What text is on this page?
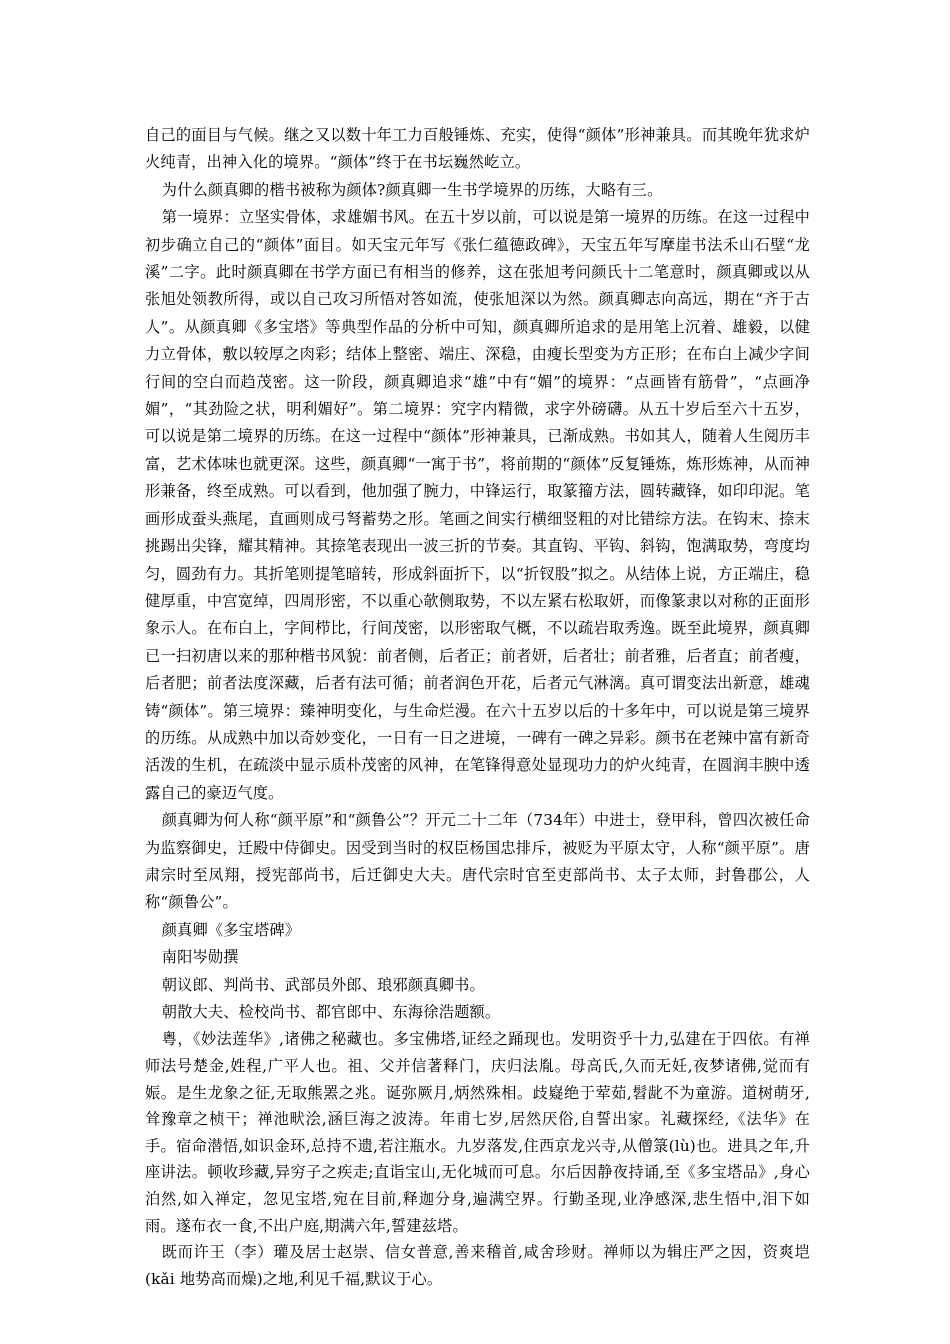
自己的面目与气候。继之又以数十年工力百般锤炼、充实，使得“颜体”形神兼具。而其晚年犹求炉火纯青，出神入化的境界。“颜体”终于在书坛巍然屹立。

为什么颜真卿的楷书被称为颜体?颜真卿一生书学境界的历练，大略有三。

第一境界：立坚实骨体，求雄媚书风。在五十岁以前，可以说是第一境界的历练。在这一过程中初步确立自己的“颜体”面目。如天宝元年写《张仁蕴德政碑》，天宝五年写摩崖书法禾山石壁“龙溪”二字。此时颜真卿在书学方面已有相当的修养，这在张旭考问颜氏十二笔意时，颜真卿或以从张旭处领教所得，或以自己攻习所悟对答如流，使张旭深以为然。颜真卿志向高远，期在“齐于古人”。从颜真卿《多宝塔》等典型作品的分析中可知，颜真卿所追求的是用笔上沉着、雄毅，以健力立骨体，敷以较厚之肉彩；结体上整密、端庄、深稳，由瘦长型变为方正形；在布白上减少字间行间的空白而趋茂密。这一阶段，颜真卿追求“雄”中有“媚”的境界：“点画皆有筋骨”，“点画净媚”，“其劲险之状，明利媚好”。第二境界：究字内精微，求字外磅礴。从五十岁后至六十五岁，可以说是第二境界的历练。在这一过程中“颜体”形神兼具，已渐成熟。书如其人，随着人生阅历丰富，艺术体味也就更深。这些，颜真卿“一寓于书”，将前期的“颜体”反复锤炼，炼形炼神，从而神形兼备，终至成熟。可以看到，他加强了腕力，中锋运行，取篆籀方法，圆转藏锋，如印印泥。笔画形成蚕头燕尾，直画则成弓弩蓄势之形。笔画之间实行横细竖粗的对比错综方法。在钩末、捺末挑踢出尖锋，耀其精神。其捺笔表现出一波三折的节奏。其直钩、平钩、斜钩，饱满取势，弯度均匀，圆劲有力。其折笔则提笔暗转，形成斜面折下，以“折钗股”拟之。从结体上说，方正端庄，稳健厚重，中宫宽绰，四周形密，不以重心欹侧取势，不以左紧右松取妍，而像篆隶以对称的正面形象示人。在布白上，字间栉比，行间茂密，以形密取气概，不以疏岩取秀逸。既至此境界，颜真卿已一扫初唐以来的那种楷书风貌：前者侧，后者正；前者妍，后者壮；前者雅，后者直；前者瘦，后者肥；前者法度深藏，后者有法可循；前者润色开花，后者元气淋漓。真可谓变法出新意，雄魂铸“颜体”。第三境界：臻神明变化，与生命烂漫。在六十五岁以后的十多年中，可以说是第三境界的历练。从成熟中加以奇妙变化，一日有一日之进境，一碑有一碑之异彩。颜书在老辣中富有新奇活泼的生机，在疏淡中显示质朴茂密的风神，在笔锋得意处显现功力的炉火纯青，在圆润丰腴中透露自己的豪迈气度。

颜真卿为何人称“颜平原”和“颜鲁公”？开元二十二年（734年）中进士，登甲科，曾四次被任命为监察御史，迁殿中侍御史。因受到当时的权臣杨国忠排斥，被贬为平原太守，人称“颜平原”。唐肃宗时至凤翔，授宪部尚书，后迁御史大夫。唐代宗时官至吏部尚书、太子太师，封鲁郡公，人称“颜鲁公”。

颜真卿《多宝塔碑》

南阳岑勋撰

朝议郎、判尚书、武部员外郎、琅邪颜真卿书。

朝散大夫、检校尚书、都官郎中、东海徐浩题额。

粤，《妙法莲华》,诸佛之秘藏也。多宝佛塔,证经之踊现也。发明资乎十力,弘建在于四依。有禅师法号楚金,姓程,广平人也。祖、父并信著释门，庆归法胤。母高氏,久而无妊,夜梦诸佛,觉而有娠。是生龙象之征,无取熊罴之兆。诞弥厥月,炳然殊相。歧嶷绝于荤茹,髫龀不为童游。道树萌牙,耸豫章之桢干；禅池畎浍,涵巨海之波涛。年甫七岁,居然厌俗,自誓出家。礼藏探经,《法华》在手。宿命潜悟,如识金环,总持不遗,若注瓶水。九岁落发,住西京龙兴寺,从僧箓(lù)也。进具之年,升座讲法。顿收珍藏,异穷子之疾走;直诣宝山,无化城而可息。尔后因静夜持诵,至《多宝塔品》,身心泊然,如入禅定，忽见宝塔,宛在目前,释迦分身,遍满空界。行勤圣现,业净感深,悲生悟中,泪下如雨。遂布衣一食,不出户庭,期满六年,誓建兹塔。

既而许王（李）瓘及居士赵崇、信女普意,善来稽首,咸舍珍财。禅师以为辑庄严之因，资爽垲(kǎi 地势高而燥)之地,利见千福,默议于心。
